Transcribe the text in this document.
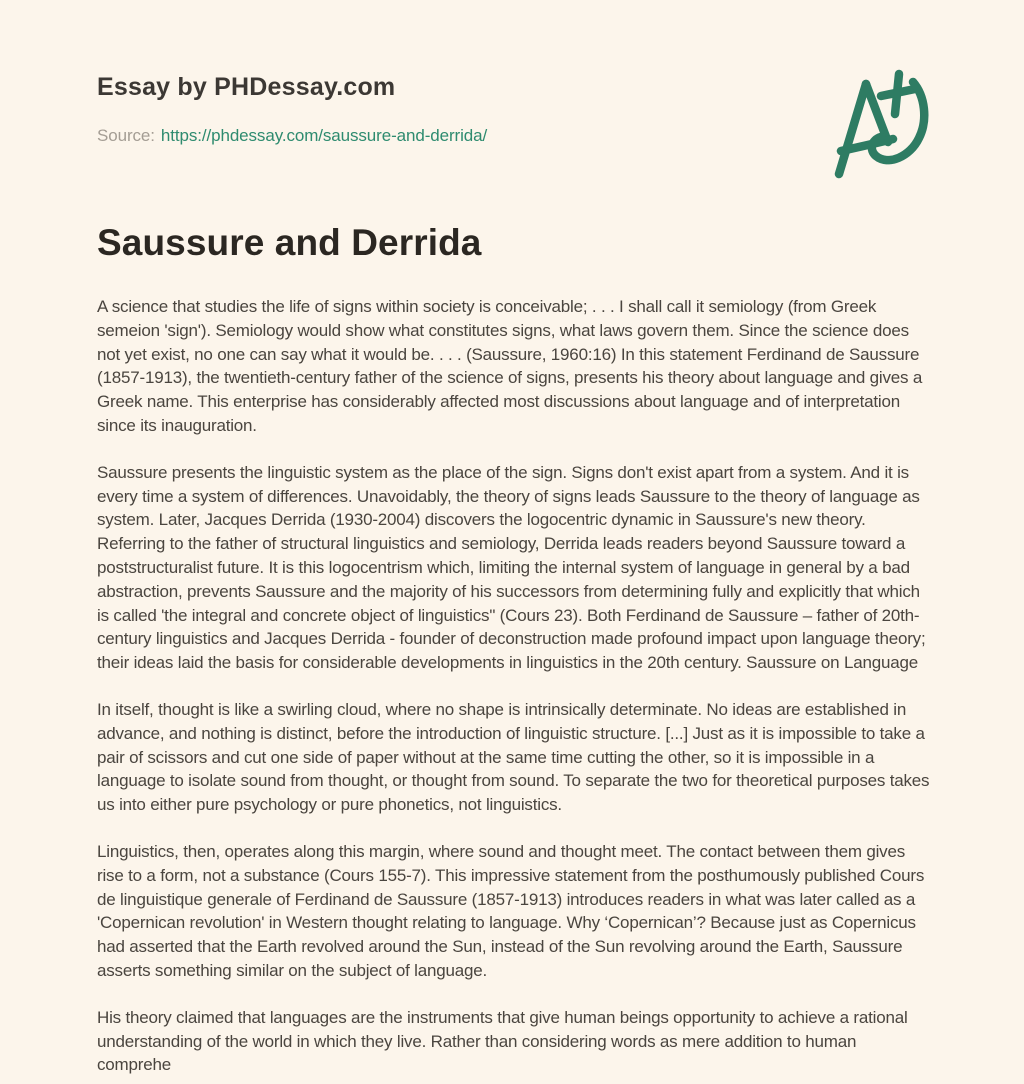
Essay by PHDessay.com
Source: https://phdessay.com/saussure-and-derrida/
Saussure and Derrida

A science that studies the life of signs within society is conceivable; . . . I shall call it semiology (from Greek semeion 'sign'). Semiology would show what constitutes signs, what laws govern them. Since the science does not yet exist, no one can say what it would be. . . . (Saussure, 1960:16) In this statement Ferdinand de Saussure (1857-1913), the twentieth-century father of the science of signs, presents his theory about language and gives a Greek name. This enterprise has considerably affected most discussions about language and of interpretation since its inauguration.

Saussure presents the linguistic system as the place of the sign. Signs don't exist apart from a system. And it is every time a system of differences. Unavoidably, the theory of signs leads Saussure to the theory of language as system. Later, Jacques Derrida (1930-2004) discovers the logocentric dynamic in Saussure's new theory. Referring to the father of structural linguistics and semiology, Derrida leads readers beyond Saussure toward a poststructuralist future. It is this logocentrism which, limiting the internal system of language in general by a bad abstraction, prevents Saussure and the majority of his successors from determining fully and explicitly that which is called 'the integral and concrete object of linguistics" (Cours 23). Both Ferdinand de Saussure – father of 20th-century linguistics and Jacques Derrida - founder of deconstruction made profound impact upon language theory; their ideas laid the basis for considerable developments in linguistics in the 20th century. Saussure on Language

In itself, thought is like a swirling cloud, where no shape is intrinsically determinate. No ideas are established in advance, and nothing is distinct, before the introduction of linguistic structure. [...] Just as it is impossible to take a pair of scissors and cut one side of paper without at the same time cutting the other, so it is impossible in a language to isolate sound from thought, or thought from sound. To separate the two for theoretical purposes takes us into either pure psychology or pure phonetics, not linguistics.

Linguistics, then, operates along this margin, where sound and thought meet. The contact between them gives rise to a form, not a substance (Cours 155-7). This impressive statement from the posthumously published Cours de linguistique generale of Ferdinand de Saussure (1857-1913) introduces readers in what was later called as a 'Copernican revolution' in Western thought relating to language. Why ‘Copernican’? Because just as Copernicus had asserted that the Earth revolved around the Sun, instead of the Sun revolving around the Earth, Saussure asserts something similar on the subject of language.

His theory claimed that languages are the instruments that give human beings opportunity to achieve a rational understanding of the world in which they live. Rather than considering words as mere addition to human comprehe
